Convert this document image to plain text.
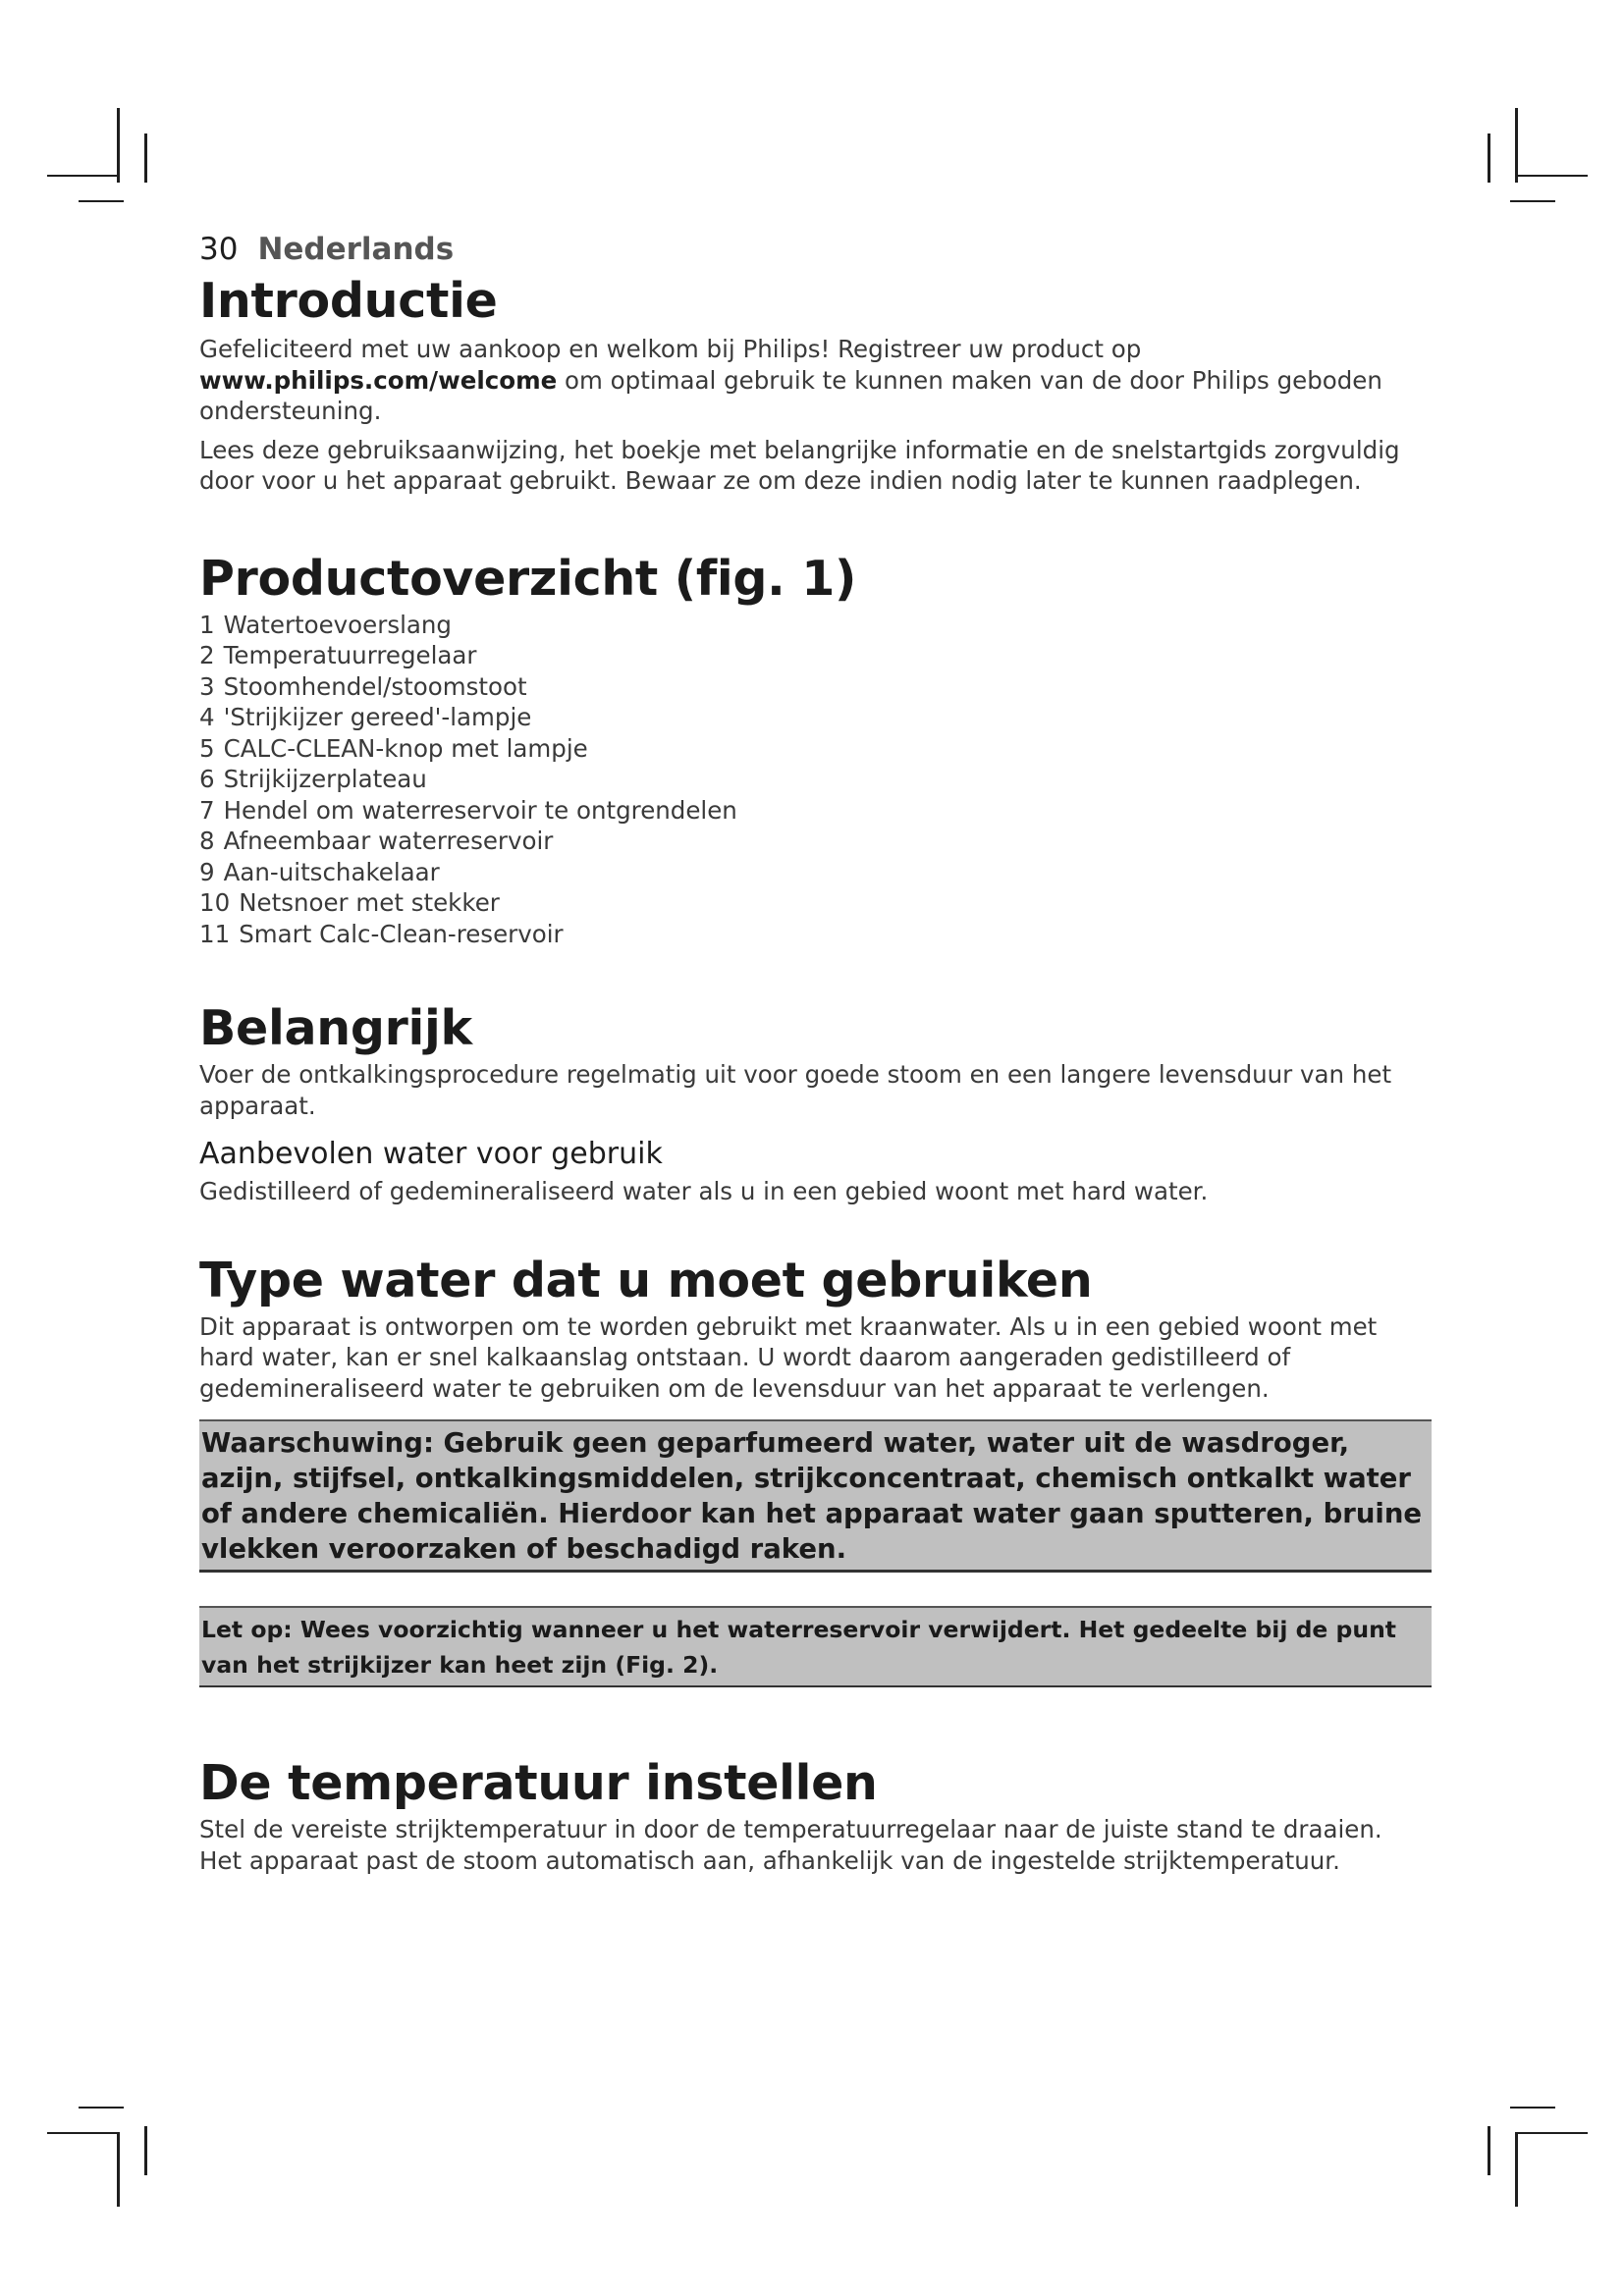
30 Nederlands
Introductie

Gefeliciteerd met uw aankoop en welkom bij Philips! Registreer uw product op
www.philips.com/welcome om optimaal gebruik te kunnen maken van de door Philips geboden ondersteuning.

Lees deze gebruiksaanwijzing, het boekje met belangrijke informatie en de snelstartgids zorgvuldig door voor u het apparaat gebruikt. Bewaar ze om deze indien nodig later te kunnen raadplegen.

Productoverzicht (fig. 1)
1 Watertoevoerslang
2 Temperatuurregelaar
3 Stoomhendel/stoomstoot
4 'Strijkijzer gereed'-lampje
5 CALC-CLEAN-knop met lampje
6 Strijkijzerplateau
7 Hendel om waterreservoir te ontgrendelen
8 Afneembaar waterreservoir
9 Aan-uitschakelaar
10 Netsnoer met stekker
11 Smart Calc-Clean-reservoir
Belangrijk

Voer de ontkalkingsprocedure regelmatig uit voor goede stoom en een langere levensduur van het apparaat.

Aanbevolen water voor gebruik

Gedistilleerd of gedemineraliseerd water als u in een gebied woont met hard water.

Type water dat u moet gebruiken

Dit apparaat is ontworpen om te worden gebruikt met kraanwater. Als u in een gebied woont met hard water, kan er snel kalkaanslag ontstaan. U wordt daarom aangeraden gedistilleerd of gedemineraliseerd water te gebruiken om de levensduur van het apparaat te verlengen.

Waarschuwing: Gebruik geen geparfumeerd water, water uit de wasdroger, azijn, stijfsel, ontkalkingsmiddelen, strijkconcentraat, chemisch ontkalkt water of andere chemicaliën. Hierdoor kan het apparaat water gaan sputteren, bruine vlekken veroorzaken of beschadigd raken.
Let op: Wees voorzichtig wanneer u het waterreservoir verwijdert. Het gedeelte bij de punt van het strijkijzer kan heet zijn (Fig. 2).
De temperatuur instellen

Stel de vereiste strijktemperatuur in door de temperatuurregelaar naar de juiste stand te draaien. Het apparaat past de stoom automatisch aan, afhankelijk van de ingestelde strijktemperatuur.
